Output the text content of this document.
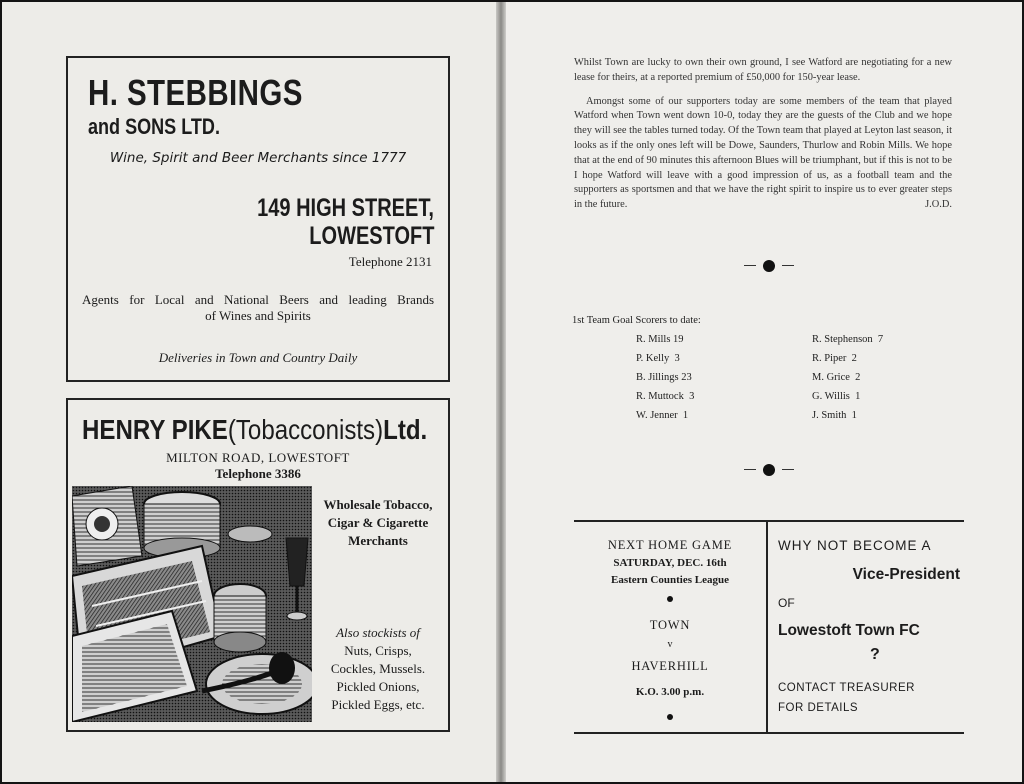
H. STEBBINGS
and SONS LTD.
Wine, Spirit and Beer Merchants since 1777
149 HIGH STREET,
LOWESTOFT
Telephone 2131
Agents for Local and National Beers and leading Brands
of Wines and Spirits
Deliveries in Town and Country Daily
HENRY PIKE(Tobacconists)Ltd.
MILTON ROAD, LOWESTOFT
Telephone 3386
Wholesale Tobacco,
Cigar & Cigarette
Merchants
Also stockists of
Nuts, Crisps,
Cockles, Mussels.
Pickled Onions,
Pickled Eggs, etc.

Whilst Town are lucky to own their own ground, I see Watford are negotiating for a new lease for theirs, at a reported premium of £50,000 for 150-year lease.

Amongst some of our supporters today are some members of the team that played Watford when Town went down 10-0, today they are the guests of the Club and we hope they will see the tables turned today. Of the Town team that played at Leyton last season, it looks as if the only ones left will be Dowe, Saunders, Thurlow and Robin Mills. We hope that at the end of 90 minutes this afternoon Blues will be triumphant, but if this is not to be I hope Watford will leave with a good impression of us, as a football team and the supporters as sportsmen and that we have the right spirit to inspire us to ever greater steps in the future.	J.O.D.

1st Team Goal Scorers to date:
R. Mills 19
P. Kelly  3
B. Jillings 23
R. Muttock  3
W. Jenner  1
R. Stephenson  7
R. Piper  2
M. Grice  2
G. Willis  1
J. Smith  1
NEXT HOME GAME
SATURDAY, DEC. 16th
Eastern Counties League
TOWN
v
HAVERHILL
K.O. 3.00 p.m.
WHY NOT BECOME A
Vice-President
OF
Lowestoft Town FC
?
CONTACT TREASURER
FOR DETAILS
